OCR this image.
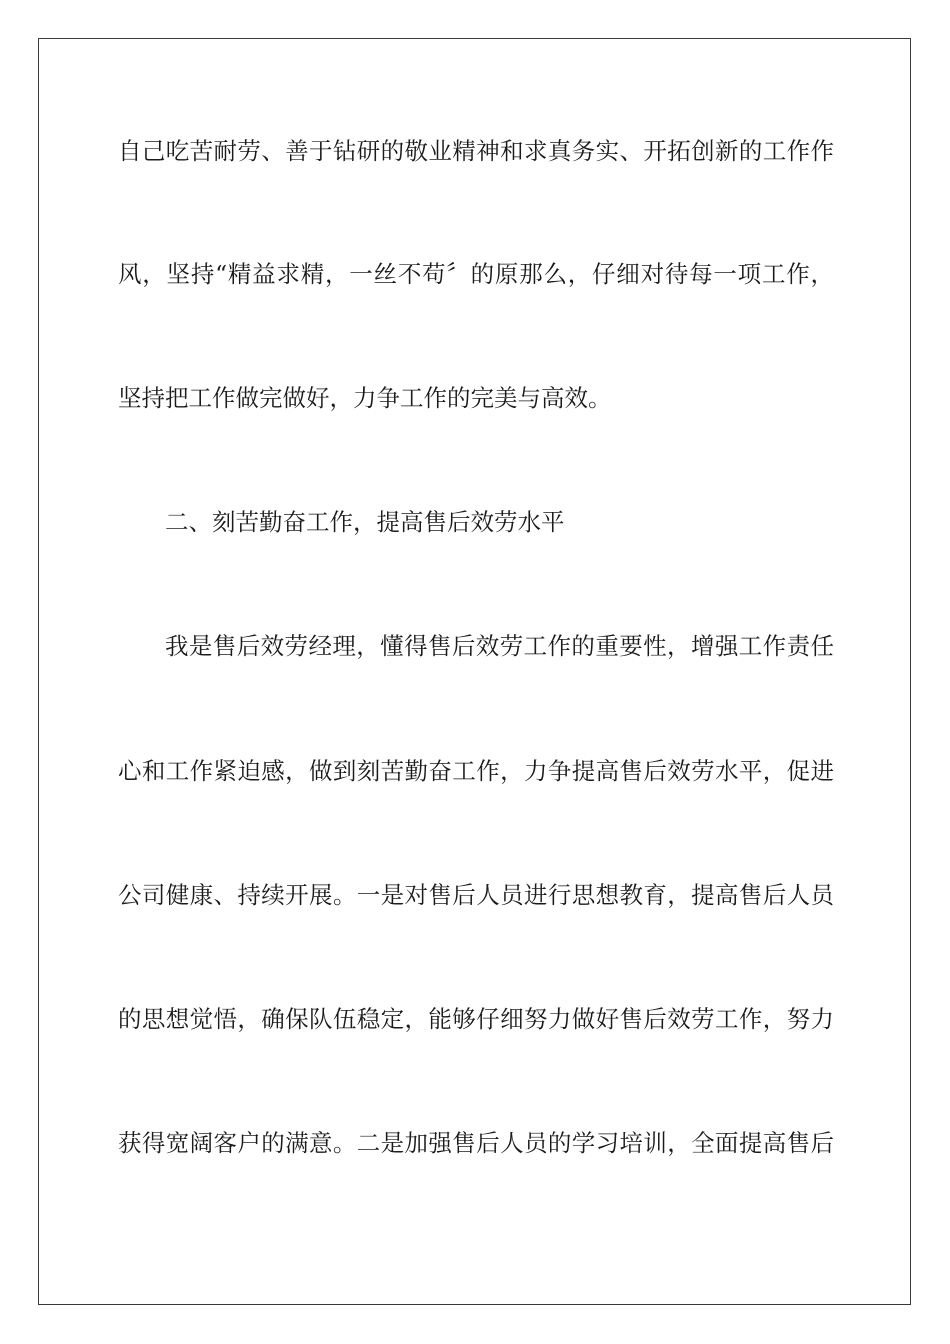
自己吃苦耐劳、善于钻研的敬业精神和求真务实、开拓创新的工作作
风，坚持“精益求精，一丝不苟〞的原那么，仔细对待每一项工作，
坚持把工作做完做好，力争工作的完美与高效。
二、刻苦勤奋工作，提高售后效劳水平
我是售后效劳经理，懂得售后效劳工作的重要性，增强工作责任
心和工作紧迫感，做到刻苦勤奋工作，力争提高售后效劳水平，促进
公司健康、持续开展。一是对售后人员进行思想教育，提高售后人员
的思想觉悟，确保队伍稳定，能够仔细努力做好售后效劳工作，努力
获得宽阔客户的满意。二是加强售后人员的学习培训，全面提高售后
